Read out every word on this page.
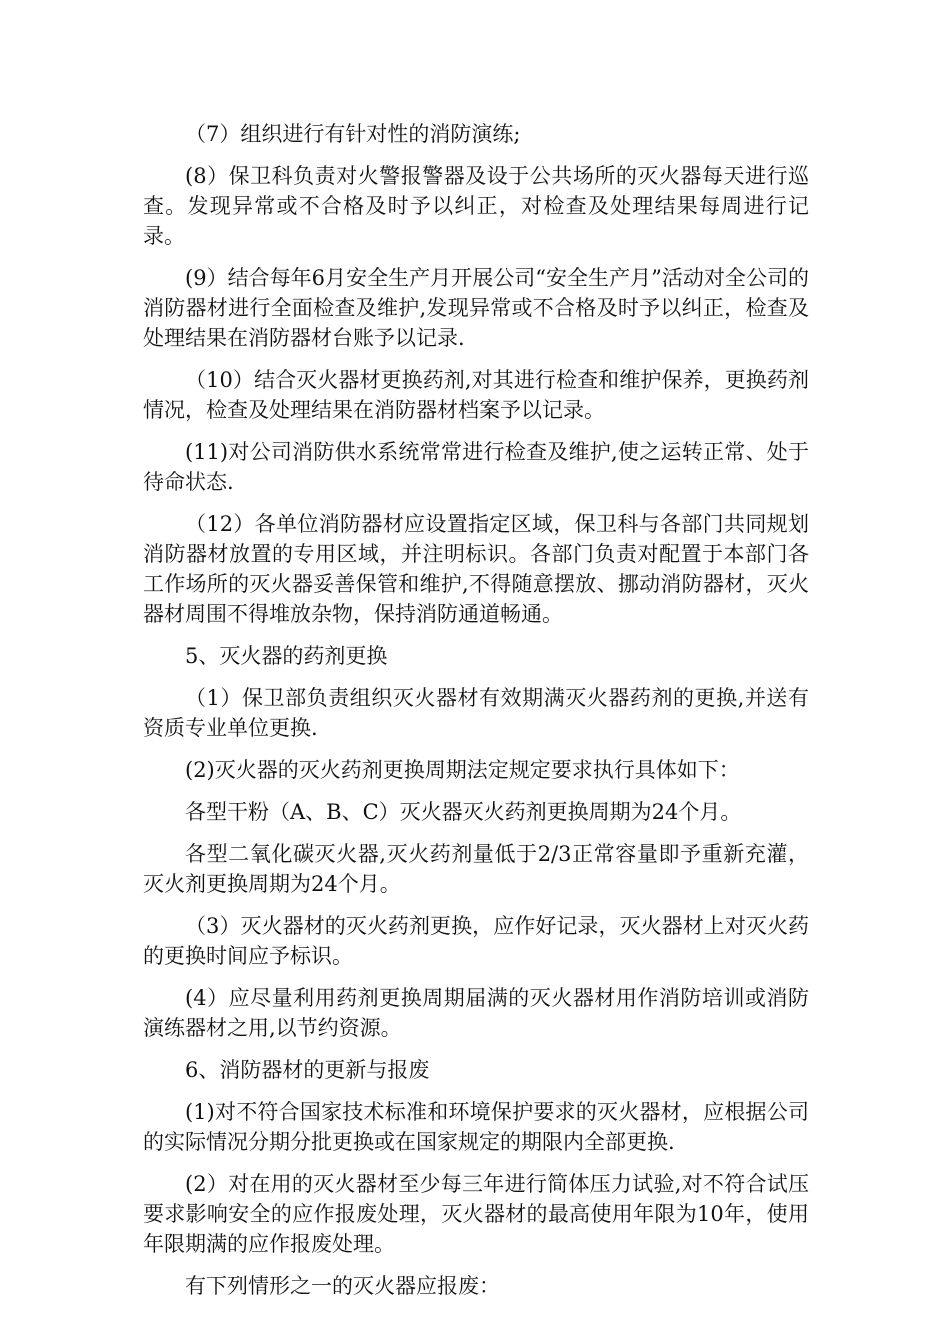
（7）组织进行有针对性的消防演练;

(8）保卫科负责对火警报警器及设于公共场所的灭火器每天进行巡查。发现异常或不合格及时予以纠正，对检查及处理结果每周进行记录。

(9）结合每年6月安全生产月开展公司“安全生产月”活动对全公司的消防器材进行全面检查及维护,发现异常或不合格及时予以纠正，检查及处理结果在消防器材台账予以记录.

（10）结合灭火器材更换药剂,对其进行检查和维护保养，更换药剂情况，检查及处理结果在消防器材档案予以记录。

(11)对公司消防供水系统常常进行检查及维护,使之运转正常、处于待命状态.

（12）各单位消防器材应设置指定区域，保卫科与各部门共同规划消防器材放置的专用区域，并注明标识。各部门负责对配置于本部门各工作场所的灭火器妥善保管和维护,不得随意摆放、挪动消防器材，灭火器材周围不得堆放杂物，保持消防通道畅通。

5、灭火器的药剂更换

（1）保卫部负责组织灭火器材有效期满灭火器药剂的更换,并送有资质专业单位更换.

(2)灭火器的灭火药剂更换周期法定规定要求执行具体如下：

各型干粉（A、B、C）灭火器灭火药剂更换周期为24个月。

各型二氧化碳灭火器,灭火药剂量低于2/3正常容量即予重新充灌，灭火剂更换周期为24个月。

（3）灭火器材的灭火药剂更换，应作好记录，灭火器材上对灭火药的更换时间应予标识。

(4）应尽量利用药剂更换周期届满的灭火器材用作消防培训或消防演练器材之用,以节约资源。

6、消防器材的更新与报废

(1)对不符合国家技术标准和环境保护要求的灭火器材，应根据公司的实际情况分期分批更换或在国家规定的期限内全部更换.

(2）对在用的灭火器材至少每三年进行简体压力试验,对不符合试压要求影响安全的应作报废处理，灭火器材的最高使用年限为10年，使用年限期满的应作报废处理。

有下列情形之一的灭火器应报废：
